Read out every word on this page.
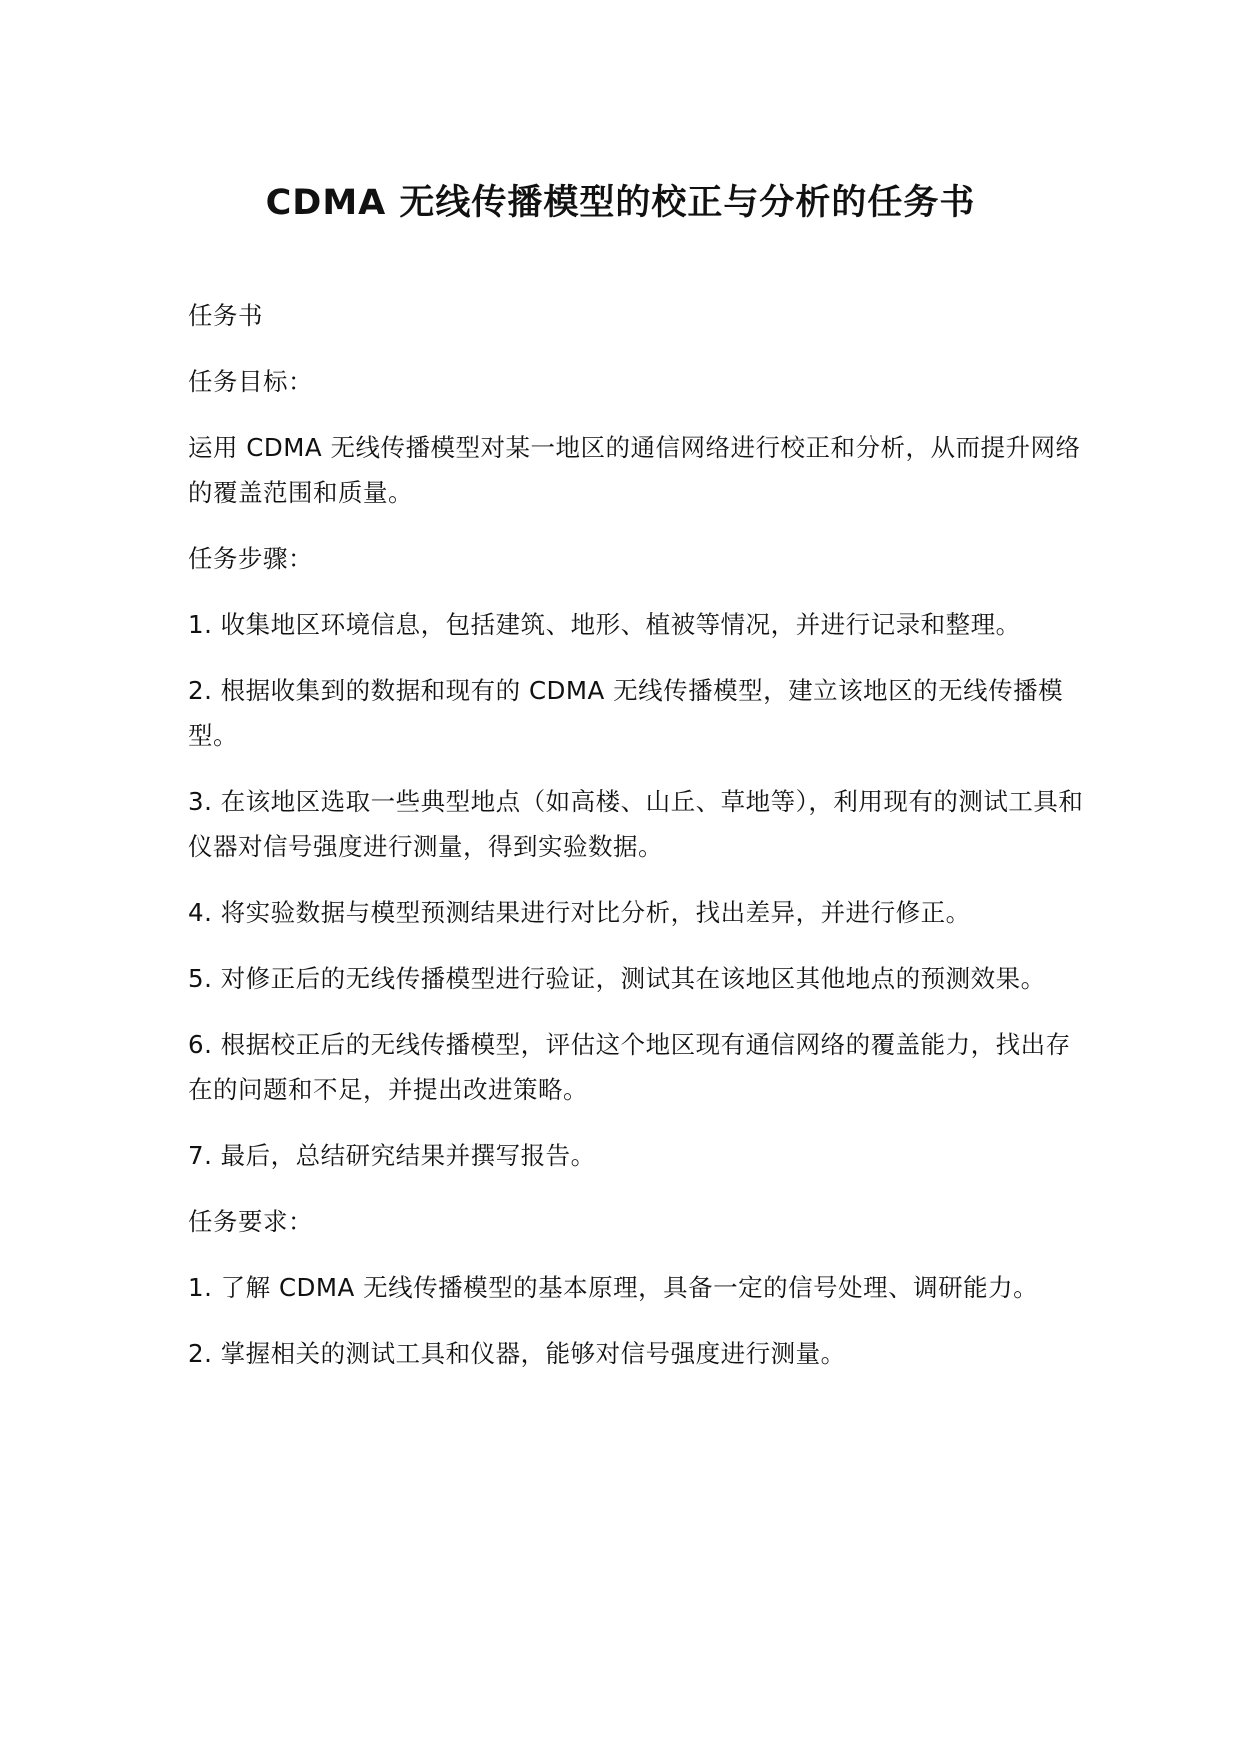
CDMA 无线传播模型的校正与分析的任务书

任务书

任务目标：

运用 CDMA 无线传播模型对某一地区的通信网络进行校正和分析，从而提升网络的覆盖范围和质量。

任务步骤：

1. 收集地区环境信息，包括建筑、地形、植被等情况，并进行记录和整理。

2. 根据收集到的数据和现有的 CDMA 无线传播模型，建立该地区的无线传播模型。

3. 在该地区选取一些典型地点（如高楼、山丘、草地等），利用现有的测试工具和仪器对信号强度进行测量，得到实验数据。

4. 将实验数据与模型预测结果进行对比分析，找出差异，并进行修正。

5. 对修正后的无线传播模型进行验证，测试其在该地区其他地点的预测效果。

6. 根据校正后的无线传播模型，评估这个地区现有通信网络的覆盖能力，找出存在的问题和不足，并提出改进策略。

7. 最后，总结研究结果并撰写报告。

任务要求：

1. 了解 CDMA 无线传播模型的基本原理，具备一定的信号处理、调研能力。

2. 掌握相关的测试工具和仪器，能够对信号强度进行测量。
